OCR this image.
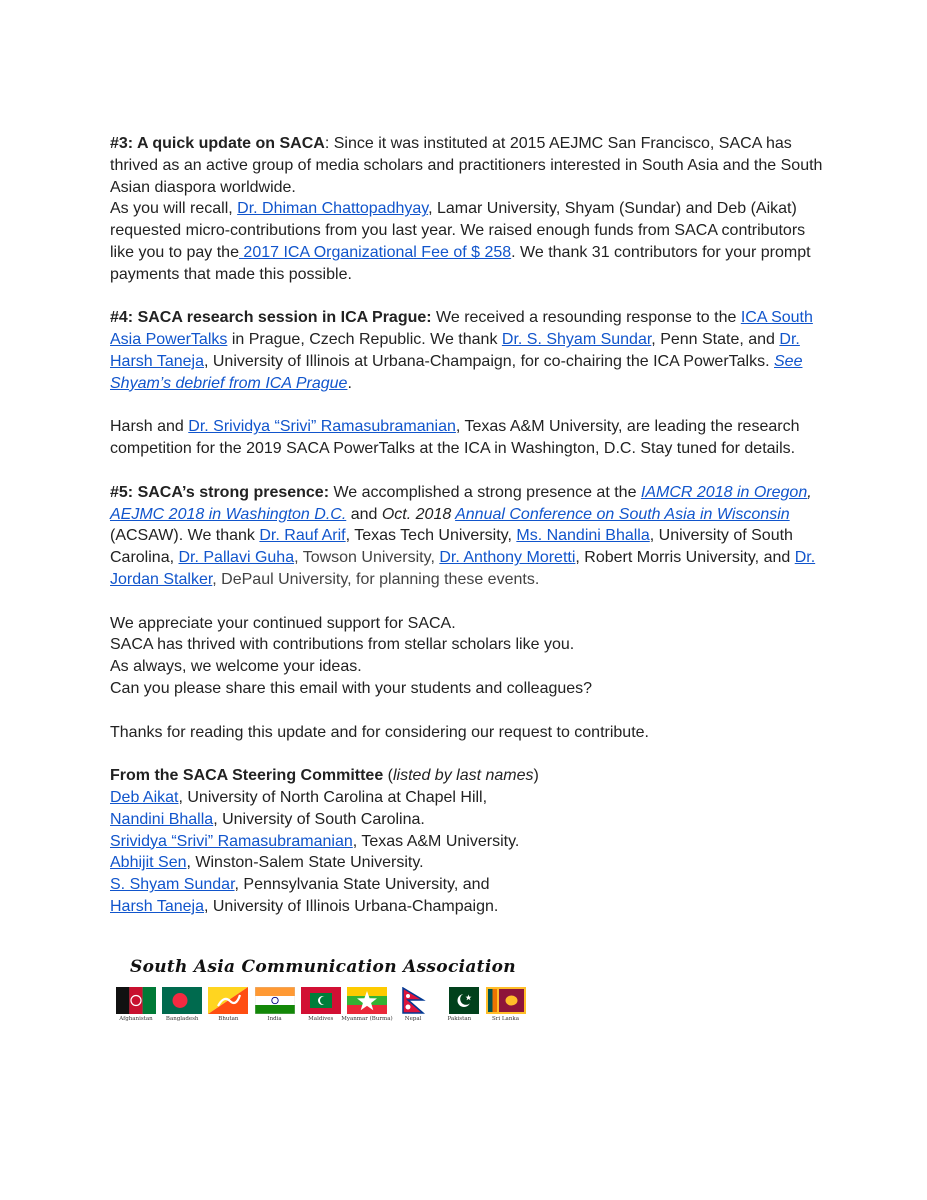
#3: A quick update on SACA: Since it was instituted at 2015 AEJMC San Francisco, SACA has thrived as an active group of media scholars and practitioners interested in South Asia and the South Asian diaspora worldwide.

As you will recall, Dr. Dhiman Chattopadhyay, Lamar University, Shyam (Sundar) and Deb (Aikat) requested micro-contributions from you last year. We raised enough funds from SACA contributors like you to pay the 2017 ICA Organizational Fee of $ 258. We thank 31 contributors for your prompt payments that made this possible.

#4: SACA research session in ICA Prague: We received a resounding response to the ICA South Asia PowerTalks in Prague, Czech Republic. We thank Dr. S. Shyam Sundar, Penn State, and Dr. Harsh Taneja, University of Illinois at Urbana-Champaign, for co-chairing the ICA PowerTalks. See Shyam’s debrief from ICA Prague.

Harsh and Dr. Srividya “Srivi” Ramasubramanian, Texas A&M University, are leading the research competition for the 2019 SACA PowerTalks at the ICA in Washington, D.C. Stay tuned for details.

#5: SACA’s strong presence: We accomplished a strong presence at the IAMCR 2018 in Oregon, AEJMC 2018 in Washington D.C. and Oct. 2018 Annual Conference on South Asia in Wisconsin (ACSAW). We thank Dr. Rauf Arif, Texas Tech University, Ms. Nandini Bhalla, University of South Carolina, Dr. Pallavi Guha, Towson University, Dr. Anthony Moretti, Robert Morris University, and Dr. Jordan Stalker, DePaul University, for planning these events.

We appreciate your continued support for SACA.

SACA has thrived with contributions from stellar scholars like you.

As always, we welcome your ideas.

Can you please share this email with your students and colleagues?

Thanks for reading this update and for considering our request to contribute.

From the SACA Steering Committee (listed by last names)

Deb Aikat, University of North Carolina at Chapel Hill,

Nandini Bhalla, University of South Carolina.

Srividya “Srivi” Ramasubramanian, Texas A&M University.

Abhijit Sen, Winston-Salem State University.

S. Shyam Sundar, Pennsylvania State University, and

Harsh Taneja, University of Illinois Urbana-Champaign.

South Asia Communication Association
Afghanistan Bangladesh	Bhutan	India	Maldives Myanmar (Burma) Nepal	Pakistan	Sri Lanka
